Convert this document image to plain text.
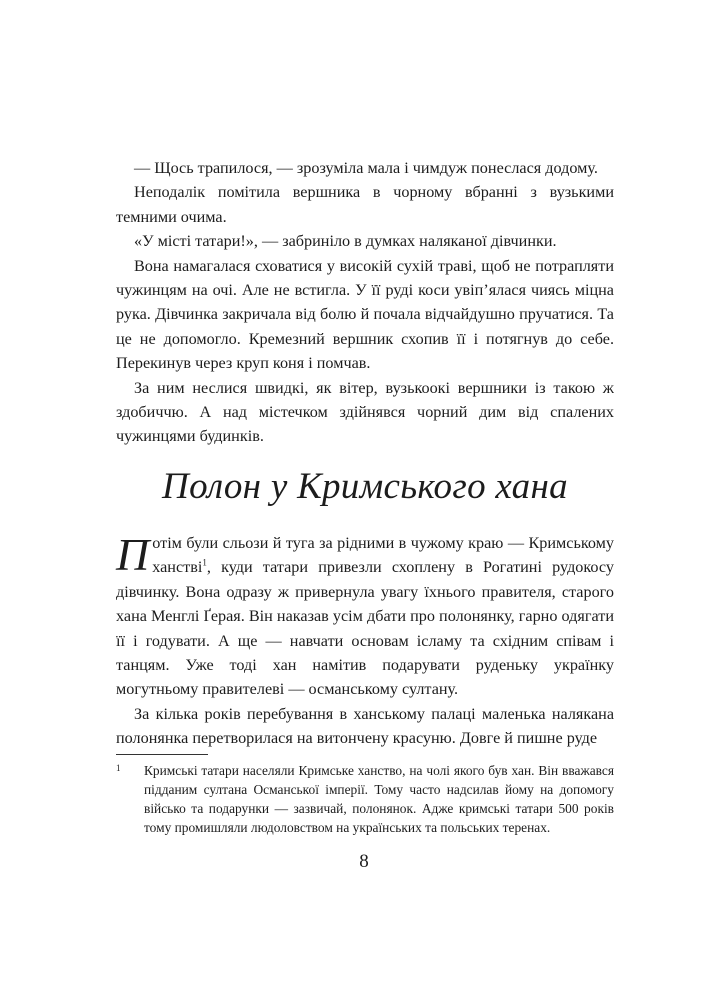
— Щось трапилося, — зрозуміла мала і чимдуж понеслася додому.

Неподалік помітила вершника в чорному вбранні з вузькими темними очима.

«У місті татари!», — забриніло в думках наляканої дівчинки.

Вона намагалася сховатися у високій сухій траві, щоб не потрапляти чужинцям на очі. Але не встигла. У її руді коси увіп’ялася чиясь міцна рука. Дівчинка закричала від болю й почала відчайдушно пручатися. Та це не допомогло. Кремезний вершник схопив її і потягнув до себе. Перекинув через круп коня і помчав.

За ним неслися швидкі, як вітер, вузькоокі вершники із такою ж здобиччю. А над містечком здійнявся чорний дим від спалених чужинцями будинків.

Полон у Кримського хана

Потім були сльози й туга за рідними в чужому краю — Кримському ханстві$^1$, куди татари привезли схоплену в Рогатині рудокосу дівчинку. Вона одразу ж привернула увагу їхнього правителя, старого хана Менглі Ґерая. Він наказав усім дбати про полонянку, гарно одягати її і годувати. А ще — навчати основам ісламу та східним співам і танцям. Уже тоді хан намітив подарувати руденьку українку могутньому правителеві — османському султану.

За кілька років перебування в ханському палаці маленька налякана полонянка перетворилася на витончену красуню. Довге й пишне руде

1	Кримські татари населяли Кримське ханство, на чолі якого був хан. Він вважався підданим султана Османської імперії. Тому часто надсилав йому на допомогу військо та подарунки — зазвичай, полонянок. Адже кримські татари 500 років тому промишляли людоловством на українських та польських теренах.
8
